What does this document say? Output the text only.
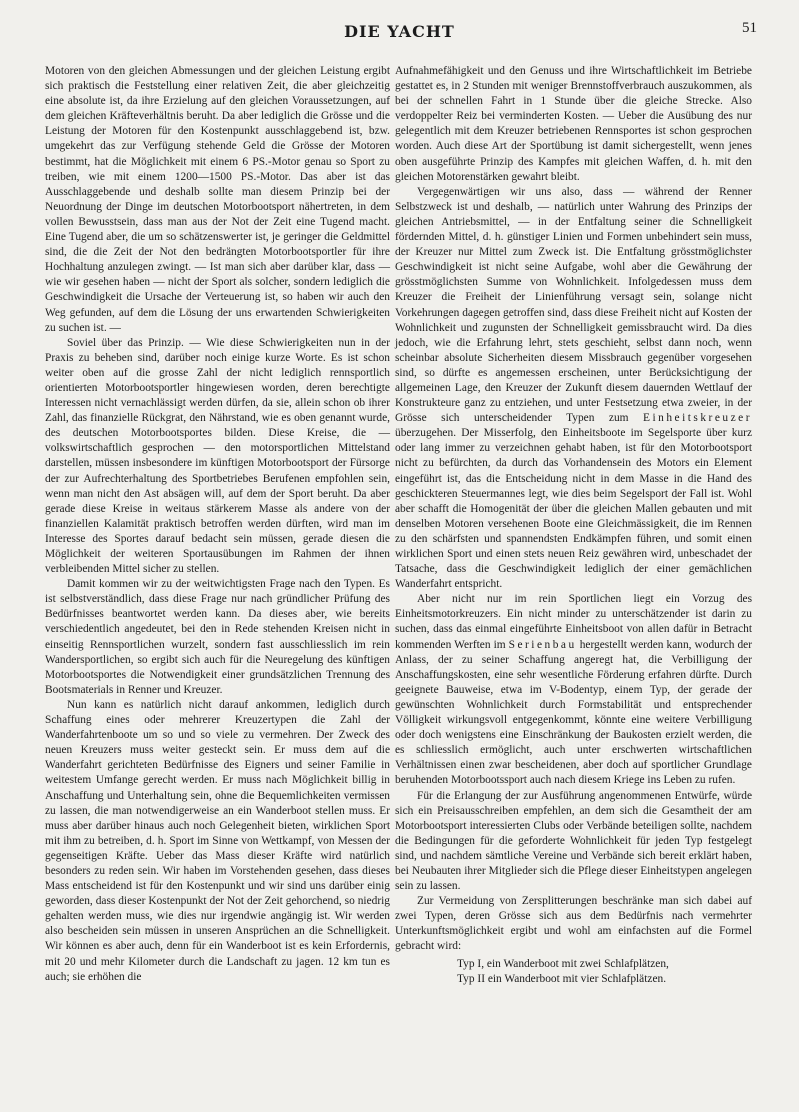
DIE YACHT	51

Motoren von den gleichen Abmessungen und der gleichen Leistung ergibt sich praktisch die Feststellung einer relativen Zeit, die aber gleichzeitig eine absolute ist, da ihre Erzielung auf den gleichen Voraussetzungen, auf dem gleichen Kräfteverhältnis beruht. Da aber lediglich die Grösse und die Leistung der Motoren für den Kostenpunkt ausschlaggebend ist, bzw. umgekehrt das zur Verfügung stehende Geld die Grösse der Motoren bestimmt, hat die Möglichkeit mit einem 6 PS.-Motor genau so Sport zu treiben, wie mit einem 1200—1500 PS.-Motor. Das aber ist das Ausschlaggebende und deshalb sollte man diesem Prinzip bei der Neuordnung der Dinge im deutschen Motorbootsport nähertreten, in dem vollen Bewusstsein, dass man aus der Not der Zeit eine Tugend macht. Eine Tugend aber, die um so schätzenswerter ist, je geringer die Geldmittel sind, die die Zeit der Not den bedrängten Motorbootsportler für ihre Hochhaltung anzulegen zwingt. — Ist man sich aber darüber klar, dass — wie wir gesehen haben — nicht der Sport als solcher, sondern lediglich die Geschwindigkeit die Ursache der Verteuerung ist, so haben wir auch den Weg gefunden, auf dem die Lösung der uns erwartenden Schwierigkeiten zu suchen ist. —

Soviel über das Prinzip. — Wie diese Schwierigkeiten nun in der Praxis zu beheben sind, darüber noch einige kurze Worte. Es ist schon weiter oben auf die grosse Zahl der nicht lediglich rennsportlich orientierten Motorbootsportler hingewiesen worden, deren berechtigte Interessen nicht vernachlässigt werden dürfen, da sie, allein schon ob ihrer Zahl, das finanzielle Rückgrat, den Nährstand, wie es oben genannt wurde, des deutschen Motorbootsportes bilden. Diese Kreise, die — volkswirtschaftlich gesprochen — den motorsportlichen Mittelstand darstellen, müssen insbesondere im künftigen Motorbootsport der Fürsorge der zur Aufrechterhaltung des Sportbetriebes Berufenen empfohlen sein, wenn man nicht den Ast absägen will, auf dem der Sport beruht. Da aber gerade diese Kreise in weitaus stärkerem Masse als andere von der finanziellen Kalamität praktisch betroffen werden dürften, wird man im Interesse des Sportes darauf bedacht sein müssen, gerade diesen die Möglichkeit der weiteren Sportausübungen im Rahmen der ihnen verbleibenden Mittel sicher zu stellen.

Damit kommen wir zu der weitwichtigsten Frage nach den Typen. Es ist selbstverständlich, dass diese Frage nur nach gründlicher Prüfung des Bedürfnisses beantwortet werden kann. Da dieses aber, wie bereits verschiedentlich angedeutet, bei den in Rede stehenden Kreisen nicht in einseitig Rennsportlichen wurzelt, sondern fast ausschliesslich im rein Wandersportlichen, so ergibt sich auch für die Neuregelung des künftigen Motorbootsportes die Notwendigkeit einer grundsätzlichen Trennung des Bootsmaterials in Renner und Kreuzer.

Nun kann es natürlich nicht darauf ankommen, lediglich durch Schaffung eines oder mehrerer Kreuzertypen die Zahl der Wanderfahrtenboote um so und so viele zu vermehren. Der Zweck des neuen Kreuzers muss weiter gesteckt sein. Er muss dem auf die Wanderfahrt gerichteten Bedürfnisse des Eigners und seiner Familie in weitestem Umfange gerecht werden. Er muss nach Möglichkeit billig in Anschaffung und Unterhaltung sein, ohne die Bequemlichkeiten vermissen zu lassen, die man notwendigerweise an ein Wanderboot stellen muss. Er muss aber darüber hinaus auch noch Gelegenheit bieten, wirklichen Sport mit ihm zu betreiben, d. h. Sport im Sinne von Wettkampf, von Messen der gegenseitigen Kräfte. Ueber das Mass dieser Kräfte wird natürlich besonders zu reden sein. Wir haben im Vorstehenden gesehen, dass dieses Mass entscheidend ist für den Kostenpunkt und wir sind uns darüber einig geworden, dass dieser Kostenpunkt der Not der Zeit gehorchend, so niedrig gehalten werden muss, wie dies nur irgendwie angängig ist. Wir werden also bescheiden sein müssen in unseren Ansprüchen an die Schnelligkeit. Wir können es aber auch, denn für ein Wanderboot ist es kein Erfordernis, mit 20 und mehr Kilometer durch die Landschaft zu jagen. 12 km tun es auch; sie erhöhen die

Aufnahmefähigkeit und den Genuss und ihre Wirtschaftlichkeit im Betriebe gestattet es, in 2 Stunden mit weniger Brennstoffverbrauch auszukommen, als bei der schnellen Fahrt in 1 Stunde über die gleiche Strecke. Also verdoppelter Reiz bei verminderten Kosten. — Ueber die Ausübung des nur gelegentlich mit dem Kreuzer betriebenen Rennsportes ist schon gesprochen worden. Auch diese Art der Sportübung ist damit sichergestellt, wenn jenes oben ausgeführte Prinzip des Kampfes mit gleichen Waffen, d. h. mit den gleichen Motorenstärken gewahrt bleibt.

Vergegenwärtigen wir uns also, dass — während der Renner Selbstzweck ist und deshalb, — natürlich unter Wahrung des Prinzips der gleichen Antriebsmittel, — in der Entfaltung seiner die Schnelligkeit fördernden Mittel, d. h. günstiger Linien und Formen unbehindert sein muss, der Kreuzer nur Mittel zum Zweck ist. Die Entfaltung grösstmöglichster Geschwindigkeit ist nicht seine Aufgabe, wohl aber die Gewährung der grösstmöglichsten Summe von Wohnlichkeit. Infolgedessen muss dem Kreuzer die Freiheit der Linienführung versagt sein, solange nicht Vorkehrungen dagegen getroffen sind, dass diese Freiheit nicht auf Kosten der Wohnlichkeit und zugunsten der Schnelligkeit gemissbraucht wird. Da dies jedoch, wie die Erfahrung lehrt, stets geschieht, selbst dann noch, wenn scheinbar absolute Sicherheiten diesem Missbrauch gegenüber vorgesehen sind, so dürfte es angemessen erscheinen, unter Berücksichtigung der allgemeinen Lage, den Kreuzer der Zukunft diesem dauernden Wettlauf der Konstrukteure ganz zu entziehen, und unter Festsetzung etwa zweier, in der Grösse sich unterscheidender Typen zum Einheitskreuzer überzugehen. Der Misserfolg, den Einheitsboote im Segelsporte über kurz oder lang immer zu verzeichnen gehabt haben, ist für den Motorbootsport nicht zu befürchten, da durch das Vorhandensein des Motors ein Element eingeführt ist, das die Entscheidung nicht in dem Masse in die Hand des geschickteren Steuermannes legt, wie dies beim Segelsport der Fall ist. Wohl aber schafft die Homogenität der über die gleichen Mallen gebauten und mit denselben Motoren versehenen Boote eine Gleichmässigkeit, die im Rennen zu den schärfsten und spannendsten Endkämpfen führen, und somit einen wirklichen Sport und einen stets neuen Reiz gewähren wird, unbeschadet der Tatsache, dass die Geschwindigkeit lediglich der einer gemächlichen Wanderfahrt entspricht.

Aber nicht nur im rein Sportlichen liegt ein Vorzug des Einheitsmotorkreuzers. Ein nicht minder zu unterschätzender ist darin zu suchen, dass das einmal eingeführte Einheitsboot von allen dafür in Betracht kommenden Werften im Serienbau hergestellt werden kann, wodurch der Anlass, der zu seiner Schaffung angeregt hat, die Verbilligung der Anschaffungskosten, eine sehr wesentliche Förderung erfahren dürfte. Durch geeignete Bauweise, etwa im V-Bodentyp, einem Typ, der gerade der gewünschten Wohnlichkeit durch Formstabilität und entsprechender Völligkeit wirkungsvoll entgegenkommt, könnte eine weitere Verbilligung oder doch wenigstens eine Einschränkung der Baukosten erzielt werden, die es schliesslich ermöglicht, auch unter erschwerten wirtschaftlichen Verhältnissen einen zwar bescheidenen, aber doch auf sportlicher Grundlage beruhenden Motorbootssport auch nach diesem Kriege ins Leben zu rufen.

Für die Erlangung der zur Ausführung angenommenen Entwürfe, würde sich ein Preisausschreiben empfehlen, an dem sich die Gesamtheit der am Motorbootsport interessierten Clubs oder Verbände beteiligen sollte, nachdem die Bedingungen für die geforderte Wohnlichkeit für jeden Typ festgelegt sind, und nachdem sämtliche Vereine und Verbände sich bereit erklärt haben, bei Neubauten ihrer Mitglieder sich die Pflege dieser Einheitstypen angelegen sein zu lassen.

Zur Vermeidung von Zersplitterungen beschränke man sich dabei auf zwei Typen, deren Grösse sich aus dem Bedürfnis nach vermehrter Unterkunftsmöglichkeit ergibt und wohl am einfachsten auf die Formel gebracht wird:

Typ I, ein Wanderboot mit zwei Schlafplätzen,

Typ II ein Wanderboot mit vier Schlafplätzen.
